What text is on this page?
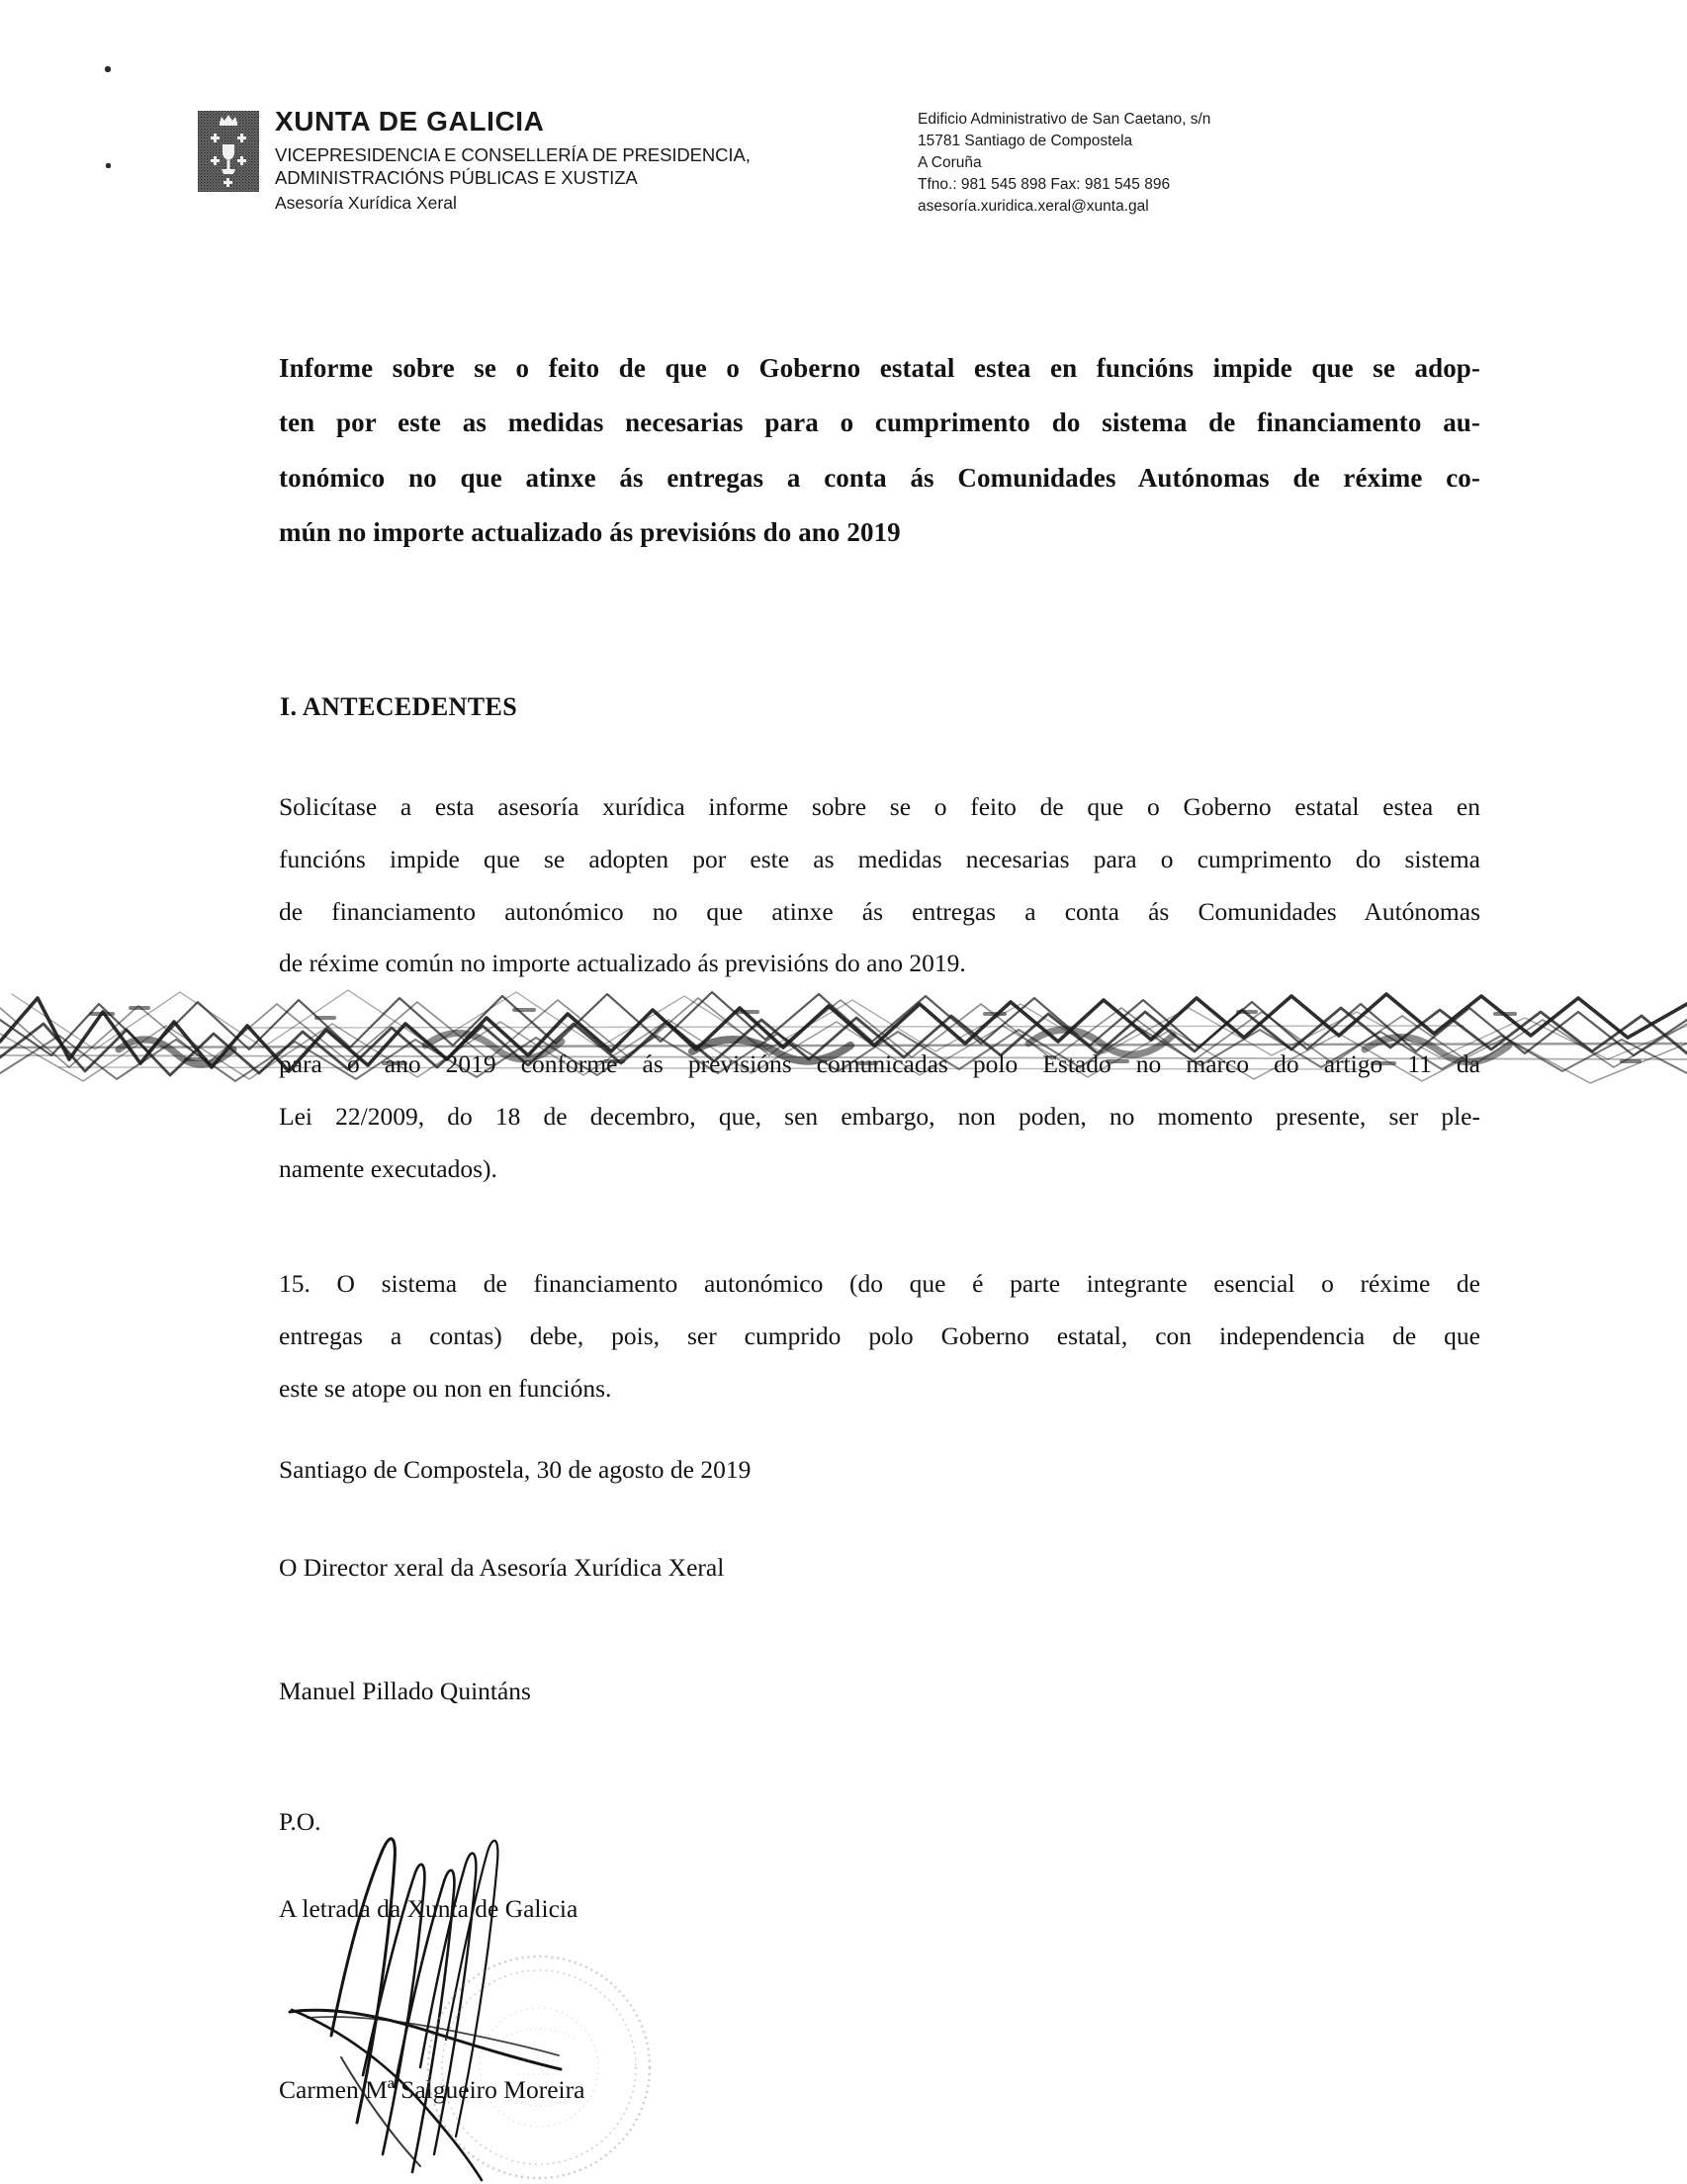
XUNTA DE GALICIA
VICEPRESIDENCIA E CONSELLERÍA DE PRESIDENCIA,
ADMINISTRACIÓNS PÚBLICAS E XUSTIZA
Asesoría Xurídica Xeral
Edificio Administrativo de San Caetano, s/n
15781 Santiago de Compostela
A Coruña
Tfno.: 981 545 898 Fax: 981 545 896
asesoría.xuridica.xeral@xunta.gal
Informe sobre se o feito de que o Goberno estatal estea en funcións impide que se adop-
ten por este as medidas necesarias para o cumprimento do sistema de financiamento au-
tonómico no que atinxe ás entregas a conta ás Comunidades Autónomas de réxime co-
mún no importe actualizado ás previsións do ano 2019
I. ANTECEDENTES
Solicítase a esta asesoría xurídica informe sobre se o feito de que o Goberno estatal estea en
funcións impide que se adopten por este as medidas necesarias para o cumprimento do sistema
de financiamento autonómico no que atinxe ás entregas a conta ás Comunidades Autónomas
de réxime común no importe actualizado ás previsións do ano 2019.
para o ano 2019 conforme ás previsións comunicadas polo Estado no marco do artigo 11 da
Lei 22/2009, do 18 de decembro, que, sen embargo, non poden, no momento presente, ser ple-
namente executados).
15. O sistema de financiamento autonómico (do que é parte integrante esencial o réxime de
entregas a contas) debe, pois, ser cumprido polo Goberno estatal, con independencia de que
este se atope ou non en funcións.
Santiago de Compostela, 30 de agosto de 2019
O Director xeral da Asesoría Xurídica Xeral
Manuel Pillado Quintáns
P.O.
A letrada da Xunta de Galicia
Carmen Mª Salgueiro Moreira
